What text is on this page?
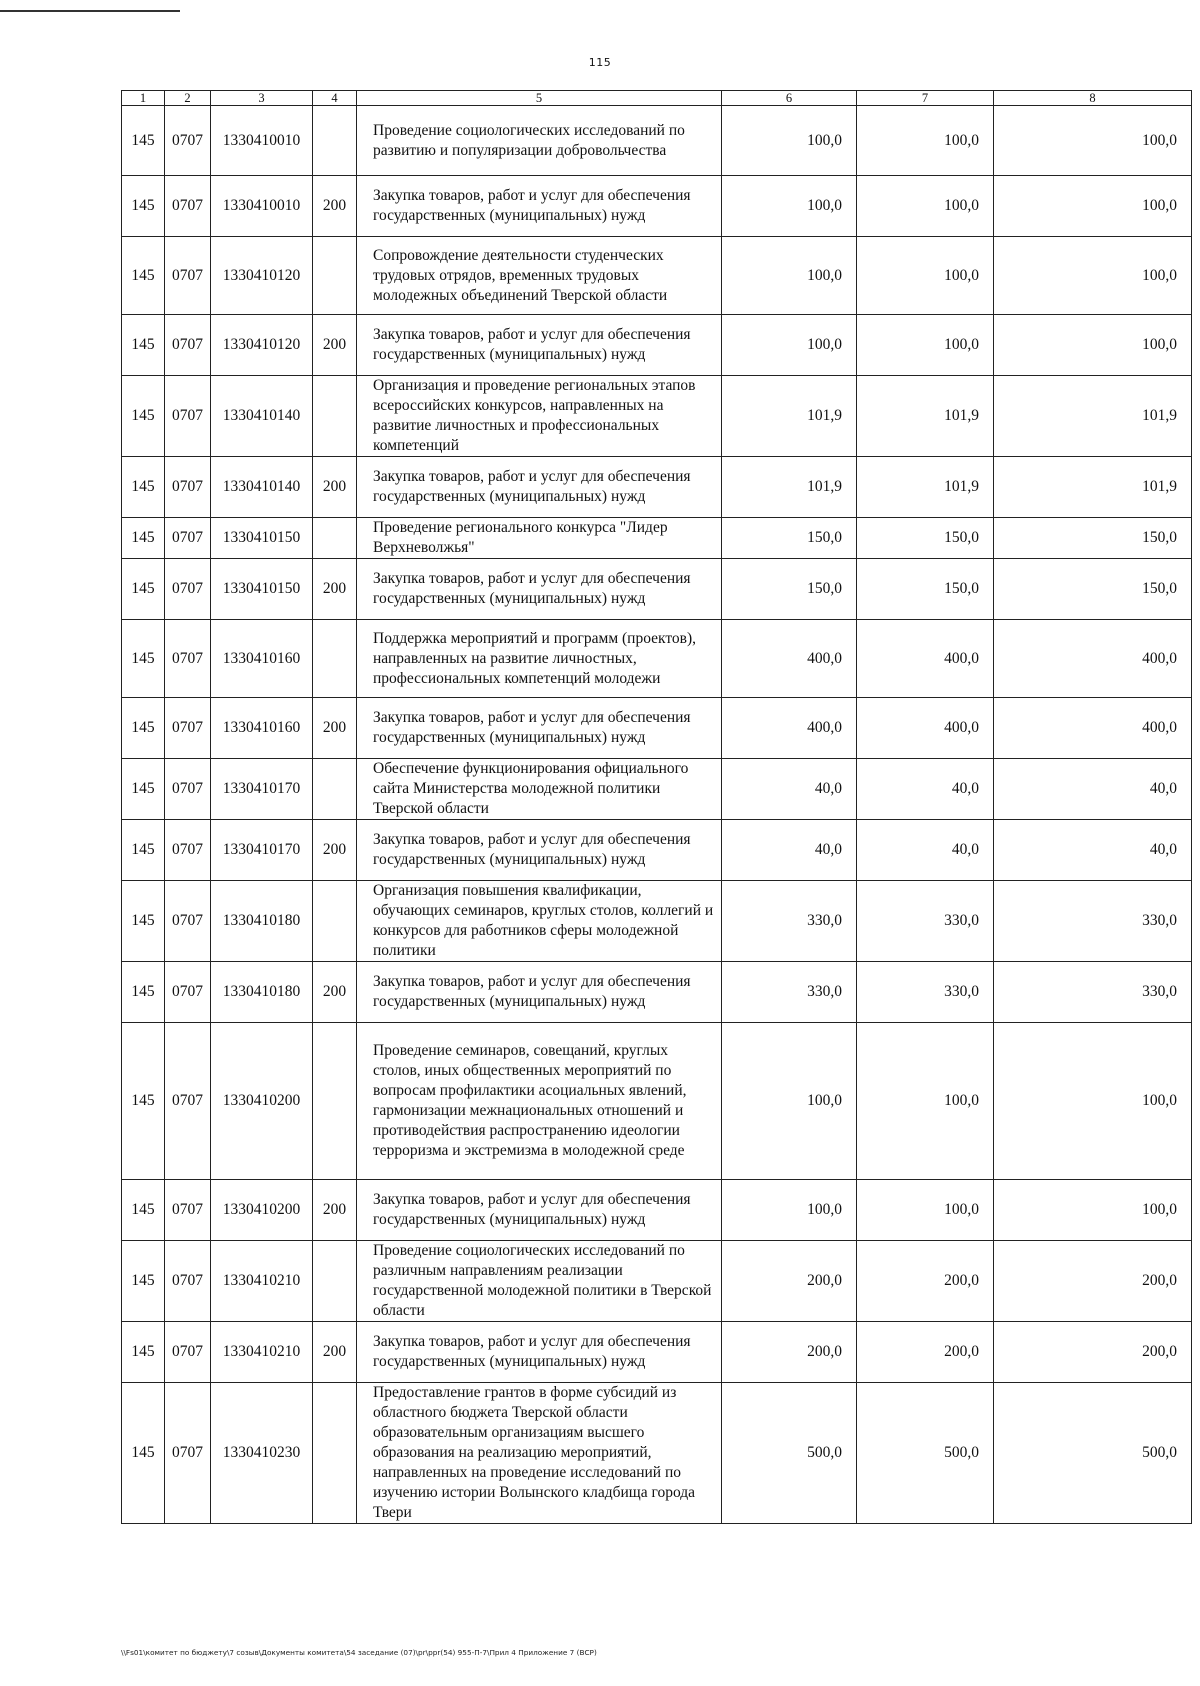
115
1	2	3	4	5	6	7	8
145	0707	1330410010		Проведение социологических исследований по развитию и популяризации добровольчества	100,0	100,0	100,0
145	0707	1330410010	200	Закупка товаров, работ и услуг для обеспечения государственных (муниципальных) нужд	100,0	100,0	100,0
145	0707	1330410120		Сопровождение деятельности студенческих трудовых отрядов, временных трудовых молодежных объединений Тверской области	100,0	100,0	100,0
145	0707	1330410120	200	Закупка товаров, работ и услуг для обеспечения государственных (муниципальных) нужд	100,0	100,0	100,0
145	0707	1330410140		Организация и проведение региональных этапов всероссийских конкурсов, направленных на развитие личностных и профессиональных компетенций	101,9	101,9	101,9
145	0707	1330410140	200	Закупка товаров, работ и услуг для обеспечения государственных (муниципальных) нужд	101,9	101,9	101,9
145	0707	1330410150		Проведение регионального конкурса "Лидер Верхневолжья"	150,0	150,0	150,0
145	0707	1330410150	200	Закупка товаров, работ и услуг для обеспечения государственных (муниципальных) нужд	150,0	150,0	150,0
145	0707	1330410160		Поддержка мероприятий и программ (проектов), направленных на развитие личностных, профессиональных компетенций молодежи	400,0	400,0	400,0
145	0707	1330410160	200	Закупка товаров, работ и услуг для обеспечения государственных (муниципальных) нужд	400,0	400,0	400,0
145	0707	1330410170		Обеспечение функционирования официального сайта Министерства молодежной политики Тверской области	40,0	40,0	40,0
145	0707	1330410170	200	Закупка товаров, работ и услуг для обеспечения государственных (муниципальных) нужд	40,0	40,0	40,0
145	0707	1330410180		Организация повышения квалификации, обучающих семинаров, круглых столов, коллегий и конкурсов для работников сферы молодежной политики	330,0	330,0	330,0
145	0707	1330410180	200	Закупка товаров, работ и услуг для обеспечения государственных (муниципальных) нужд	330,0	330,0	330,0
145	0707	1330410200		Проведение семинаров, совещаний, круглых столов, иных общественных мероприятий по вопросам профилактики асоциальных явлений, гармонизации межнациональных отношений и противодействия распространению идеологии терроризма и экстремизма в молодежной среде	100,0	100,0	100,0
145	0707	1330410200	200	Закупка товаров, работ и услуг для обеспечения государственных (муниципальных) нужд	100,0	100,0	100,0
145	0707	1330410210		Проведение социологических исследований по различным направлениям реализации государственной молодежной политики в Тверской области	200,0	200,0	200,0
145	0707	1330410210	200	Закупка товаров, работ и услуг для обеспечения государственных (муниципальных) нужд	200,0	200,0	200,0
145	0707	1330410230		Предоставление грантов в форме субсидий из областного бюджета Тверской области образовательным организациям высшего образования на реализацию мероприятий, направленных на проведение исследований по изучению истории Волынского кладбища города Твери	500,0	500,0	500,0
\\Fs01\комитет по бюджету\7 созыв\Документы комитета\54 заседание (07)\pr\ppr(54) 955-П-7\Прил 4 Приложение 7 (ВСР)
